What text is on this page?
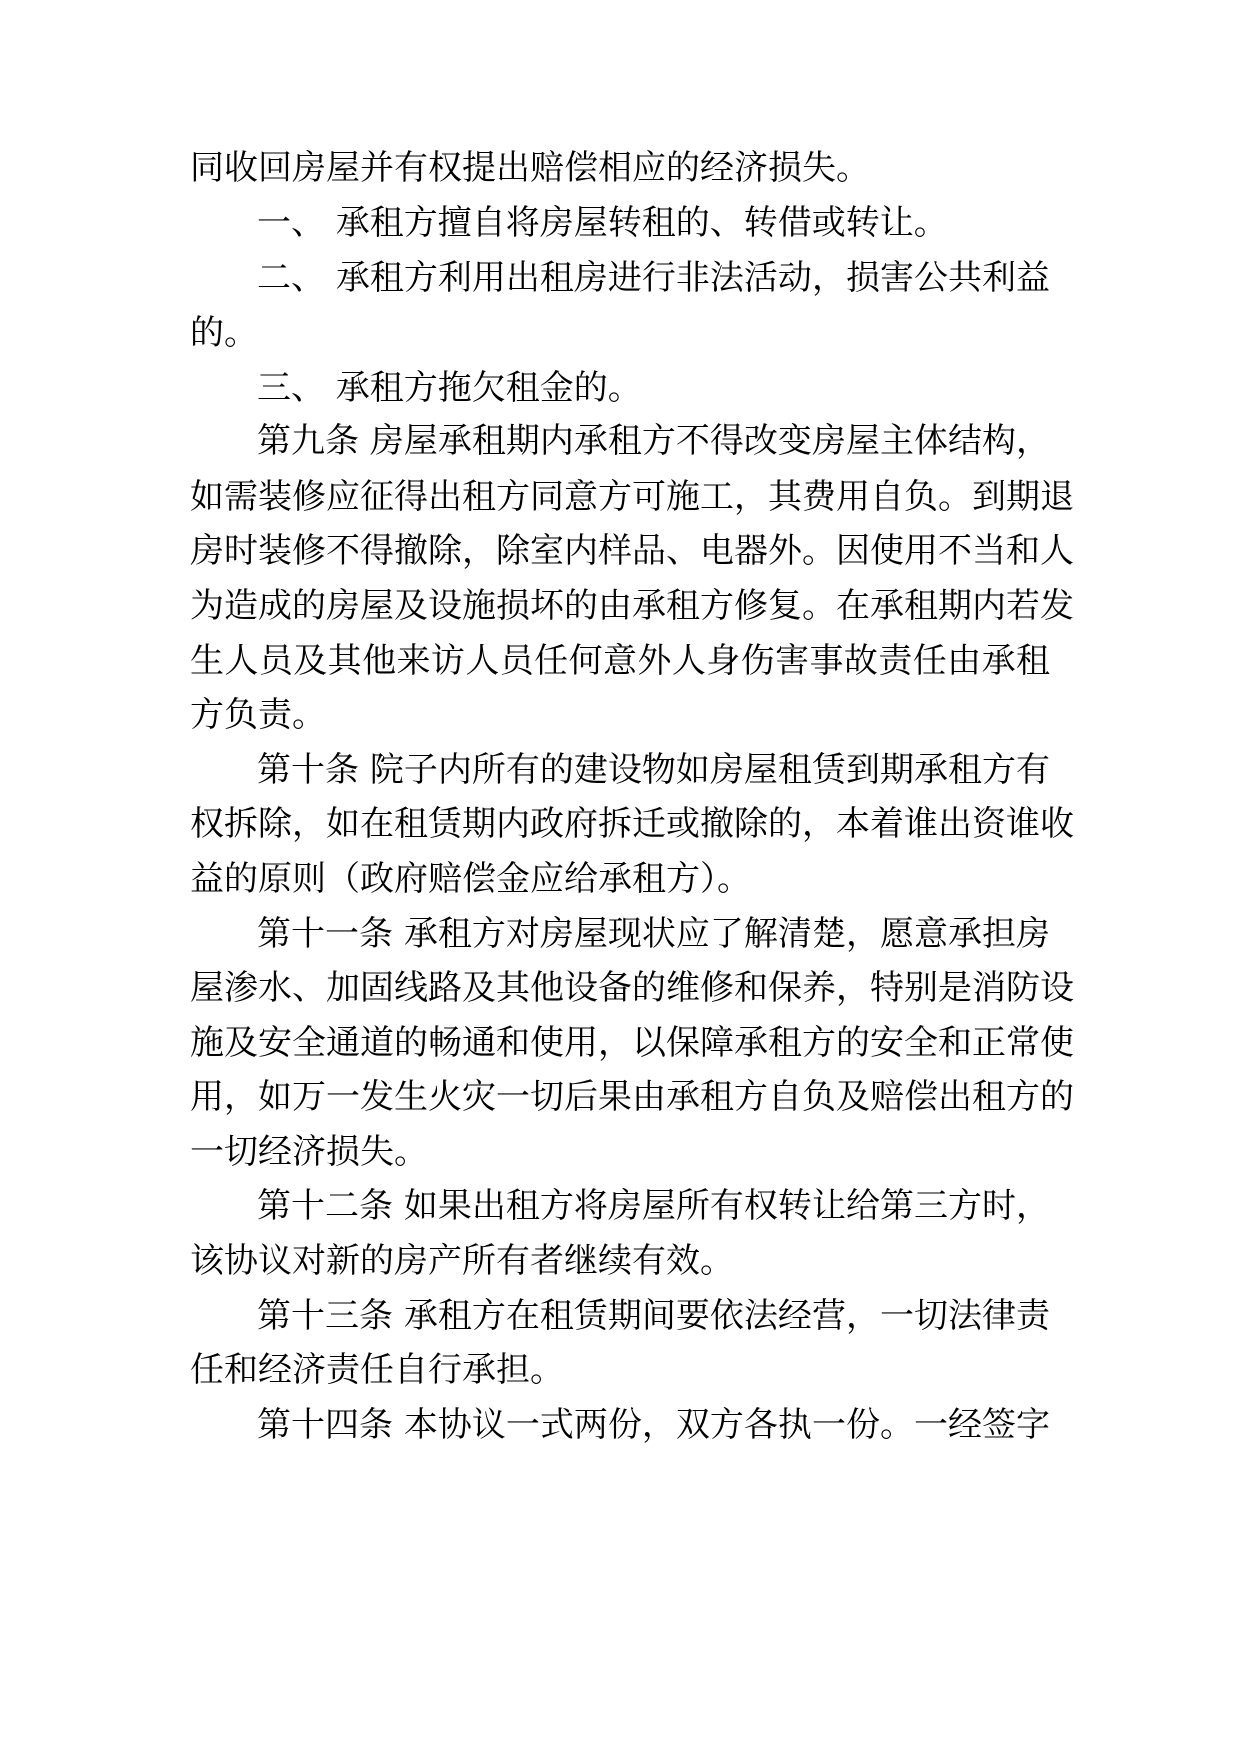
同收回房屋并有权提出赔偿相应的经济损失。

一、 承租方擅自将房屋转租的、转借或转让。

二、 承租方利用出租房进行非法活动，损害公共利益

的。

三、 承租方拖欠租金的。

第九条 房屋承租期内承租方不得改变房屋主体结构，

如需装修应征得出租方同意方可施工，其费用自负。到期退

房时装修不得撤除，除室内样品、电器外。因使用不当和人

为造成的房屋及设施损坏的由承租方修复。在承租期内若发

生人员及其他来访人员任何意外人身伤害事故责任由承租

方负责。

第十条 院子内所有的建设物如房屋租赁到期承租方有

权拆除，如在租赁期内政府拆迁或撤除的，本着谁出资谁收

益的原则（政府赔偿金应给承租方）。

第十一条 承租方对房屋现状应了解清楚，愿意承担房

屋渗水、加固线路及其他设备的维修和保养，特别是消防设

施及安全通道的畅通和使用，以保障承租方的安全和正常使

用，如万一发生火灾一切后果由承租方自负及赔偿出租方的

一切经济损失。

第十二条 如果出租方将房屋所有权转让给第三方时，

该协议对新的房产所有者继续有效。

第十三条 承租方在租赁期间要依法经营，一切法律责

任和经济责任自行承担。

第十四条 本协议一式两份，双方各执一份。一经签字
